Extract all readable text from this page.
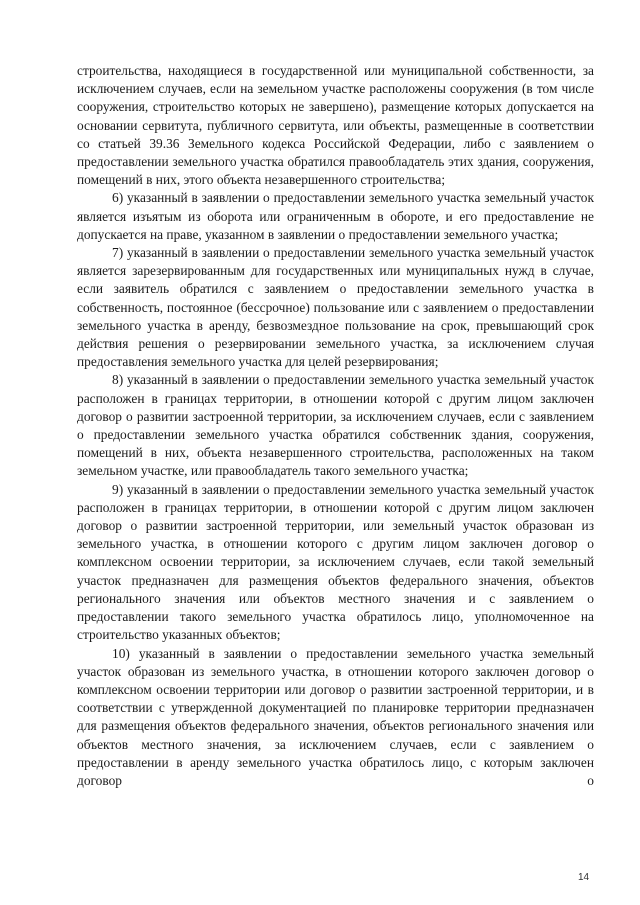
строительства, находящиеся в государственной или муниципальной собственности, за исключением случаев, если на земельном участке расположены сооружения (в том числе сооружения, строительство которых не завершено), размещение которых допускается на основании сервитута, публичного сервитута, или объекты, размещенные в соответствии со статьей 39.36 Земельного кодекса Российской Федерации, либо с заявлением о предоставлении земельного участка обратился правообладатель этих здания, сооружения, помещений в них, этого объекта незавершенного строительства;

6) указанный в заявлении о предоставлении земельного участка земельный участок является изъятым из оборота или ограниченным в обороте, и его предоставление не допускается на праве, указанном в заявлении о предоставлении земельного участка;

7) указанный в заявлении о предоставлении земельного участка земельный участок является зарезервированным для государственных или муниципальных нужд в случае, если заявитель обратился с заявлением о предоставлении земельного участка в собственность, постоянное (бессрочное) пользование или с заявлением о предоставлении земельного участка в аренду, безвозмездное пользование на срок, превышающий срок действия решения о резервировании земельного участка, за исключением случая предоставления земельного участка для целей резервирования;

8) указанный в заявлении о предоставлении земельного участка земельный участок расположен в границах территории, в отношении которой с другим лицом заключен договор о развитии застроенной территории, за исключением случаев, если с заявлением о предоставлении земельного участка обратился собственник здания, сооружения, помещений в них, объекта незавершенного строительства, расположенных на таком земельном участке, или правообладатель такого земельного участка;

9) указанный в заявлении о предоставлении земельного участка земельный участок расположен в границах территории, в отношении которой с другим лицом заключен договор о развитии застроенной территории, или земельный участок образован из земельного участка, в отношении которого с другим лицом заключен договор о комплексном освоении территории, за исключением случаев, если такой земельный участок предназначен для размещения объектов федерального значения, объектов регионального значения или объектов местного значения и с заявлением о предоставлении такого земельного участка обратилось лицо, уполномоченное на строительство указанных объектов;

10) указанный в заявлении о предоставлении земельного участка земельный участок образован из земельного участка, в отношении которого заключен договор о комплексном освоении территории или договор о развитии застроенной территории, и в соответствии с утвержденной документацией по планировке территории предназначен для размещения объектов федерального значения, объектов регионального значения или объектов местного значения, за исключением случаев, если с заявлением о предоставлении в аренду земельного участка обратилось лицо, с которым заключен договор о

14
